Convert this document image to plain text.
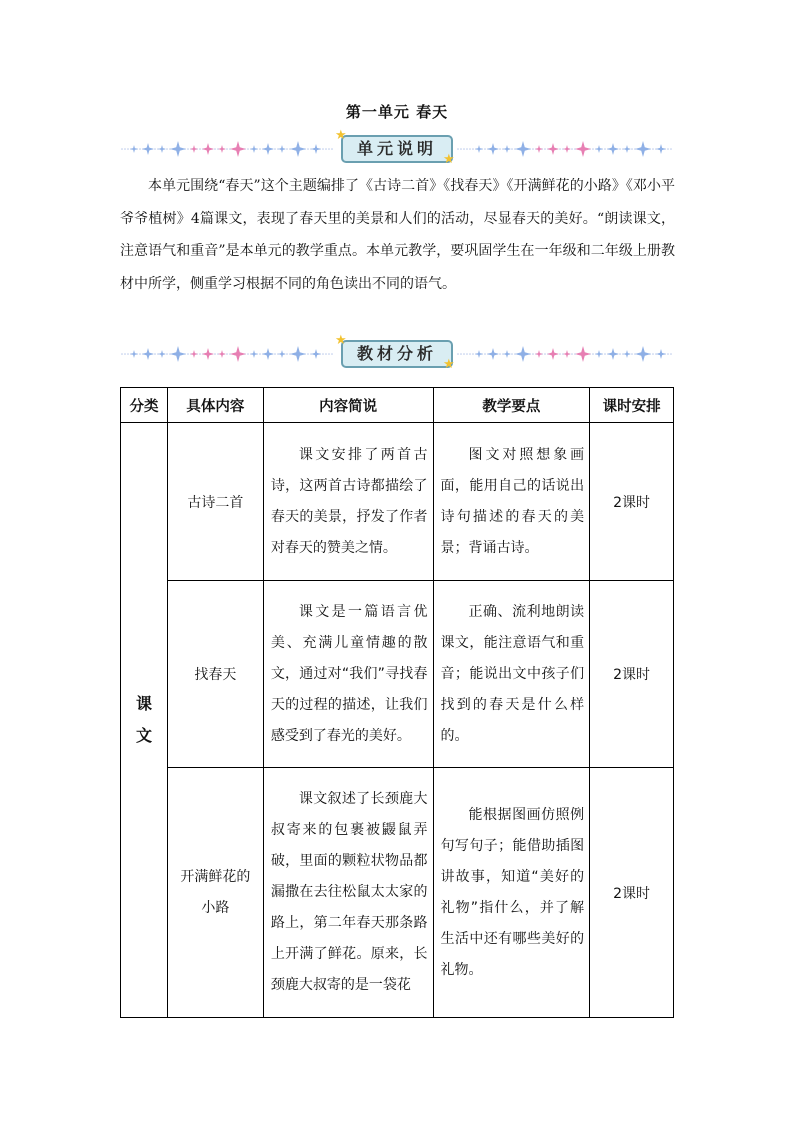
第一单元 春天
单元说明
★
★

本单元围绕“春天”这个主题编排了《古诗二首》《找春天》《开满鲜花的小路》《邓小平爷爷植树》4篇课文，表现了春天里的美景和人们的活动，尽显春天的美好。“朗读课文，注意语气和重音”是本单元的教学重点。本单元教学，要巩固学生在一年级和二年级上册教材中所学，侧重学习根据不同的角色读出不同的语气。

教材分析
★
★
分类	具体内容	内容简说	教学要点	课时安排
课文	古诗二首	课文安排了两首古诗，这两首古诗都描绘了春天的美景，抒发了作者对春天的赞美之情。	图文对照想象画面，能用自己的话说出诗句描述的春天的美景；背诵古诗。	2课时
	找春天	课文是一篇语言优美、充满儿童情趣的散文，通过对“我们”寻找春天的过程的描述，让我们感受到了春光的美好。	正确、流利地朗读课文，能注意语气和重音；能说出文中孩子们找到的春天是什么样的。	2课时
	开满鲜花的小路	课文叙述了长颈鹿大叔寄来的包裹被鼹鼠弄破，里面的颗粒状物品都漏撒在去往松鼠太太家的路上，第二年春天那条路上开满了鲜花。原来，长颈鹿大叔寄的是一袋花	能根据图画仿照例句写句子；能借助插图讲故事，知道“美好的礼物”指什么，并了解生活中还有哪些美好的礼物。	2课时
